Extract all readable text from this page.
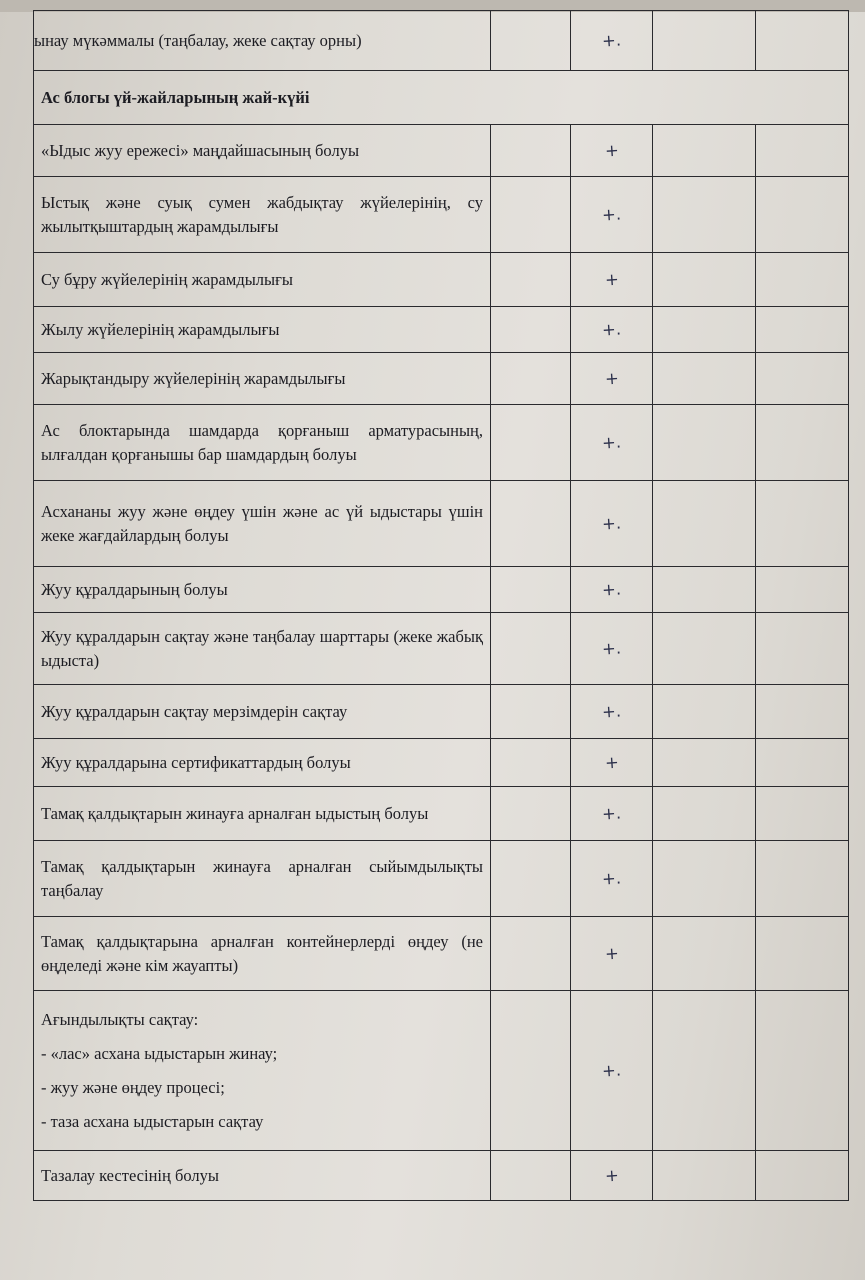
ынау мүкәммалы (таңбалау, жеке сақтау орны)		+.		
Ас блогы үй-жайларының жай-күйі				
«Ыдыс жуу ережесі» маңдайшасының болуы		+		
Ыстық және суық сумен жабдықтау жүйелерінің, су жылытқыштардың жарамдылығы		+.		
Су бұру жүйелерінің жарамдылығы		+		
Жылу жүйелерінің жарамдылығы		+.		
Жарықтандыру жүйелерінің жарамдылығы		+		
Ас блоктарында шамдарда қорғаныш арматурасының, ылғалдан қорғанышы бар шамдардың болуы		+.		
Асхананы жуу және өңдеу үшін және ас үй ыдыстары үшін жеке жағдайлардың болуы		+.		
Жуу құралдарының болуы		+.		
Жуу құралдарын сақтау және таңбалау шарттары (жеке жабық ыдыста)		+.		
Жуу құралдарын сақтау мерзімдерін сақтау		+.		
Жуу құралдарына сертификаттардың болуы		+		
Тамақ қалдықтарын жинауға арналған ыдыстың болуы		+.		
Тамақ қалдықтарын жинауға арналған сыйымдылықты таңбалау		+.		
Тамақ қалдықтарына арналған контейнерлерді өңдеу (не өңделеді және кім жауапты)		+		

Ағындылықты сақтау:
- «лас» асхана ыдыстарын жинау;
- жуу және өңдеу процесі;
- таза асхана ыдыстарын сақтау		+.		
Тазалау кестесінің болуы		+		
